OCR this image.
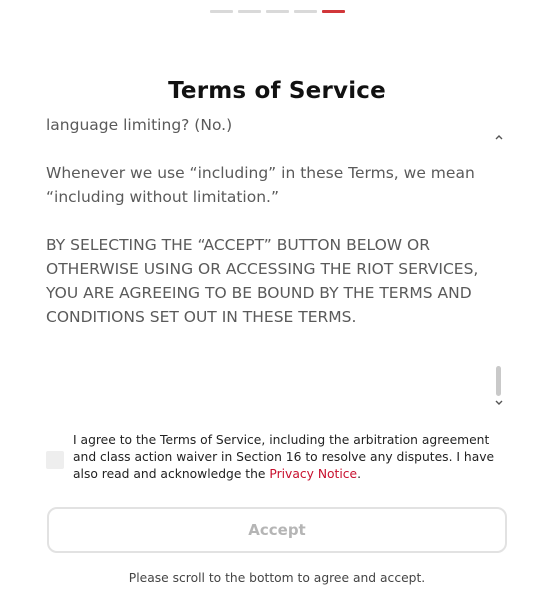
Terms of Service

language limiting? (No.)

Whenever we use “including” in these Terms, we mean “including without limitation.”

BY SELECTING THE “ACCEPT” BUTTON BELOW OR OTHERWISE USING OR ACCESSING THE RIOT SERVICES, YOU ARE AGREEING TO BE BOUND BY THE TERMS AND CONDITIONS SET OUT IN THESE TERMS.

I agree to the Terms of Service, including the arbitration agreement and class action waiver in Section 16 to resolve any disputes. I have also read and acknowledge the Privacy Notice.
Accept
Please scroll to the bottom to agree and accept.
